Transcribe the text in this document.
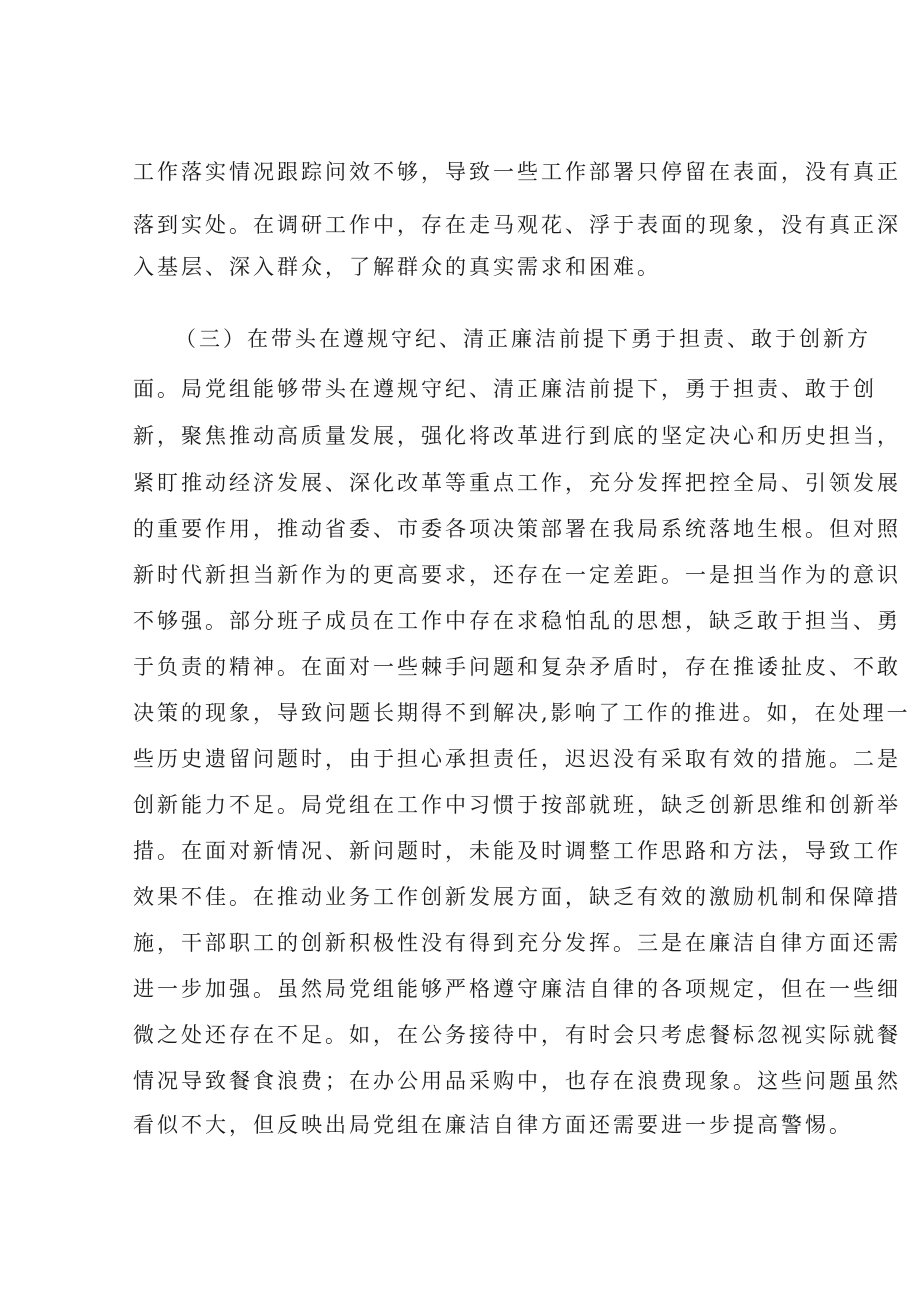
工作落实情况跟踪问效不够，导致一些工作部署只停留在表面，没有真正
落到实处。在调研工作中，存在走马观花、浮于表面的现象，没有真正深
入基层、深入群众，了解群众的真实需求和困难。
（三）在带头在遵规守纪、清正廉洁前提下勇于担责、敢于创新方
面。局党组能够带头在遵规守纪、清正廉洁前提下，勇于担责、敢于创
新，聚焦推动高质量发展，强化将改革进行到底的坚定决心和历史担当，
紧盯推动经济发展、深化改革等重点工作，充分发挥把控全局、引领发展
的重要作用，推动省委、市委各项决策部署在我局系统落地生根。但对照
新时代新担当新作为的更高要求，还存在一定差距。一是担当作为的意识
不够强。部分班子成员在工作中存在求稳怕乱的思想，缺乏敢于担当、勇
于负责的精神。在面对一些棘手问题和复杂矛盾时，存在推诿扯皮、不敢
决策的现象，导致问题长期得不到解决,影响了工作的推进。如，在处理一
些历史遗留问题时，由于担心承担责任，迟迟没有采取有效的措施。二是
创新能力不足。局党组在工作中习惯于按部就班，缺乏创新思维和创新举
措。在面对新情况、新问题时，未能及时调整工作思路和方法，导致工作
效果不佳。在推动业务工作创新发展方面，缺乏有效的激励机制和保障措
施，干部职工的创新积极性没有得到充分发挥。三是在廉洁自律方面还需
进一步加强。虽然局党组能够严格遵守廉洁自律的各项规定，但在一些细
微之处还存在不足。如，在公务接待中，有时会只考虑餐标忽视实际就餐
情况导致餐食浪费；在办公用品采购中，也存在浪费现象。这些问题虽然
看似不大，但反映出局党组在廉洁自律方面还需要进一步提高警惕。
